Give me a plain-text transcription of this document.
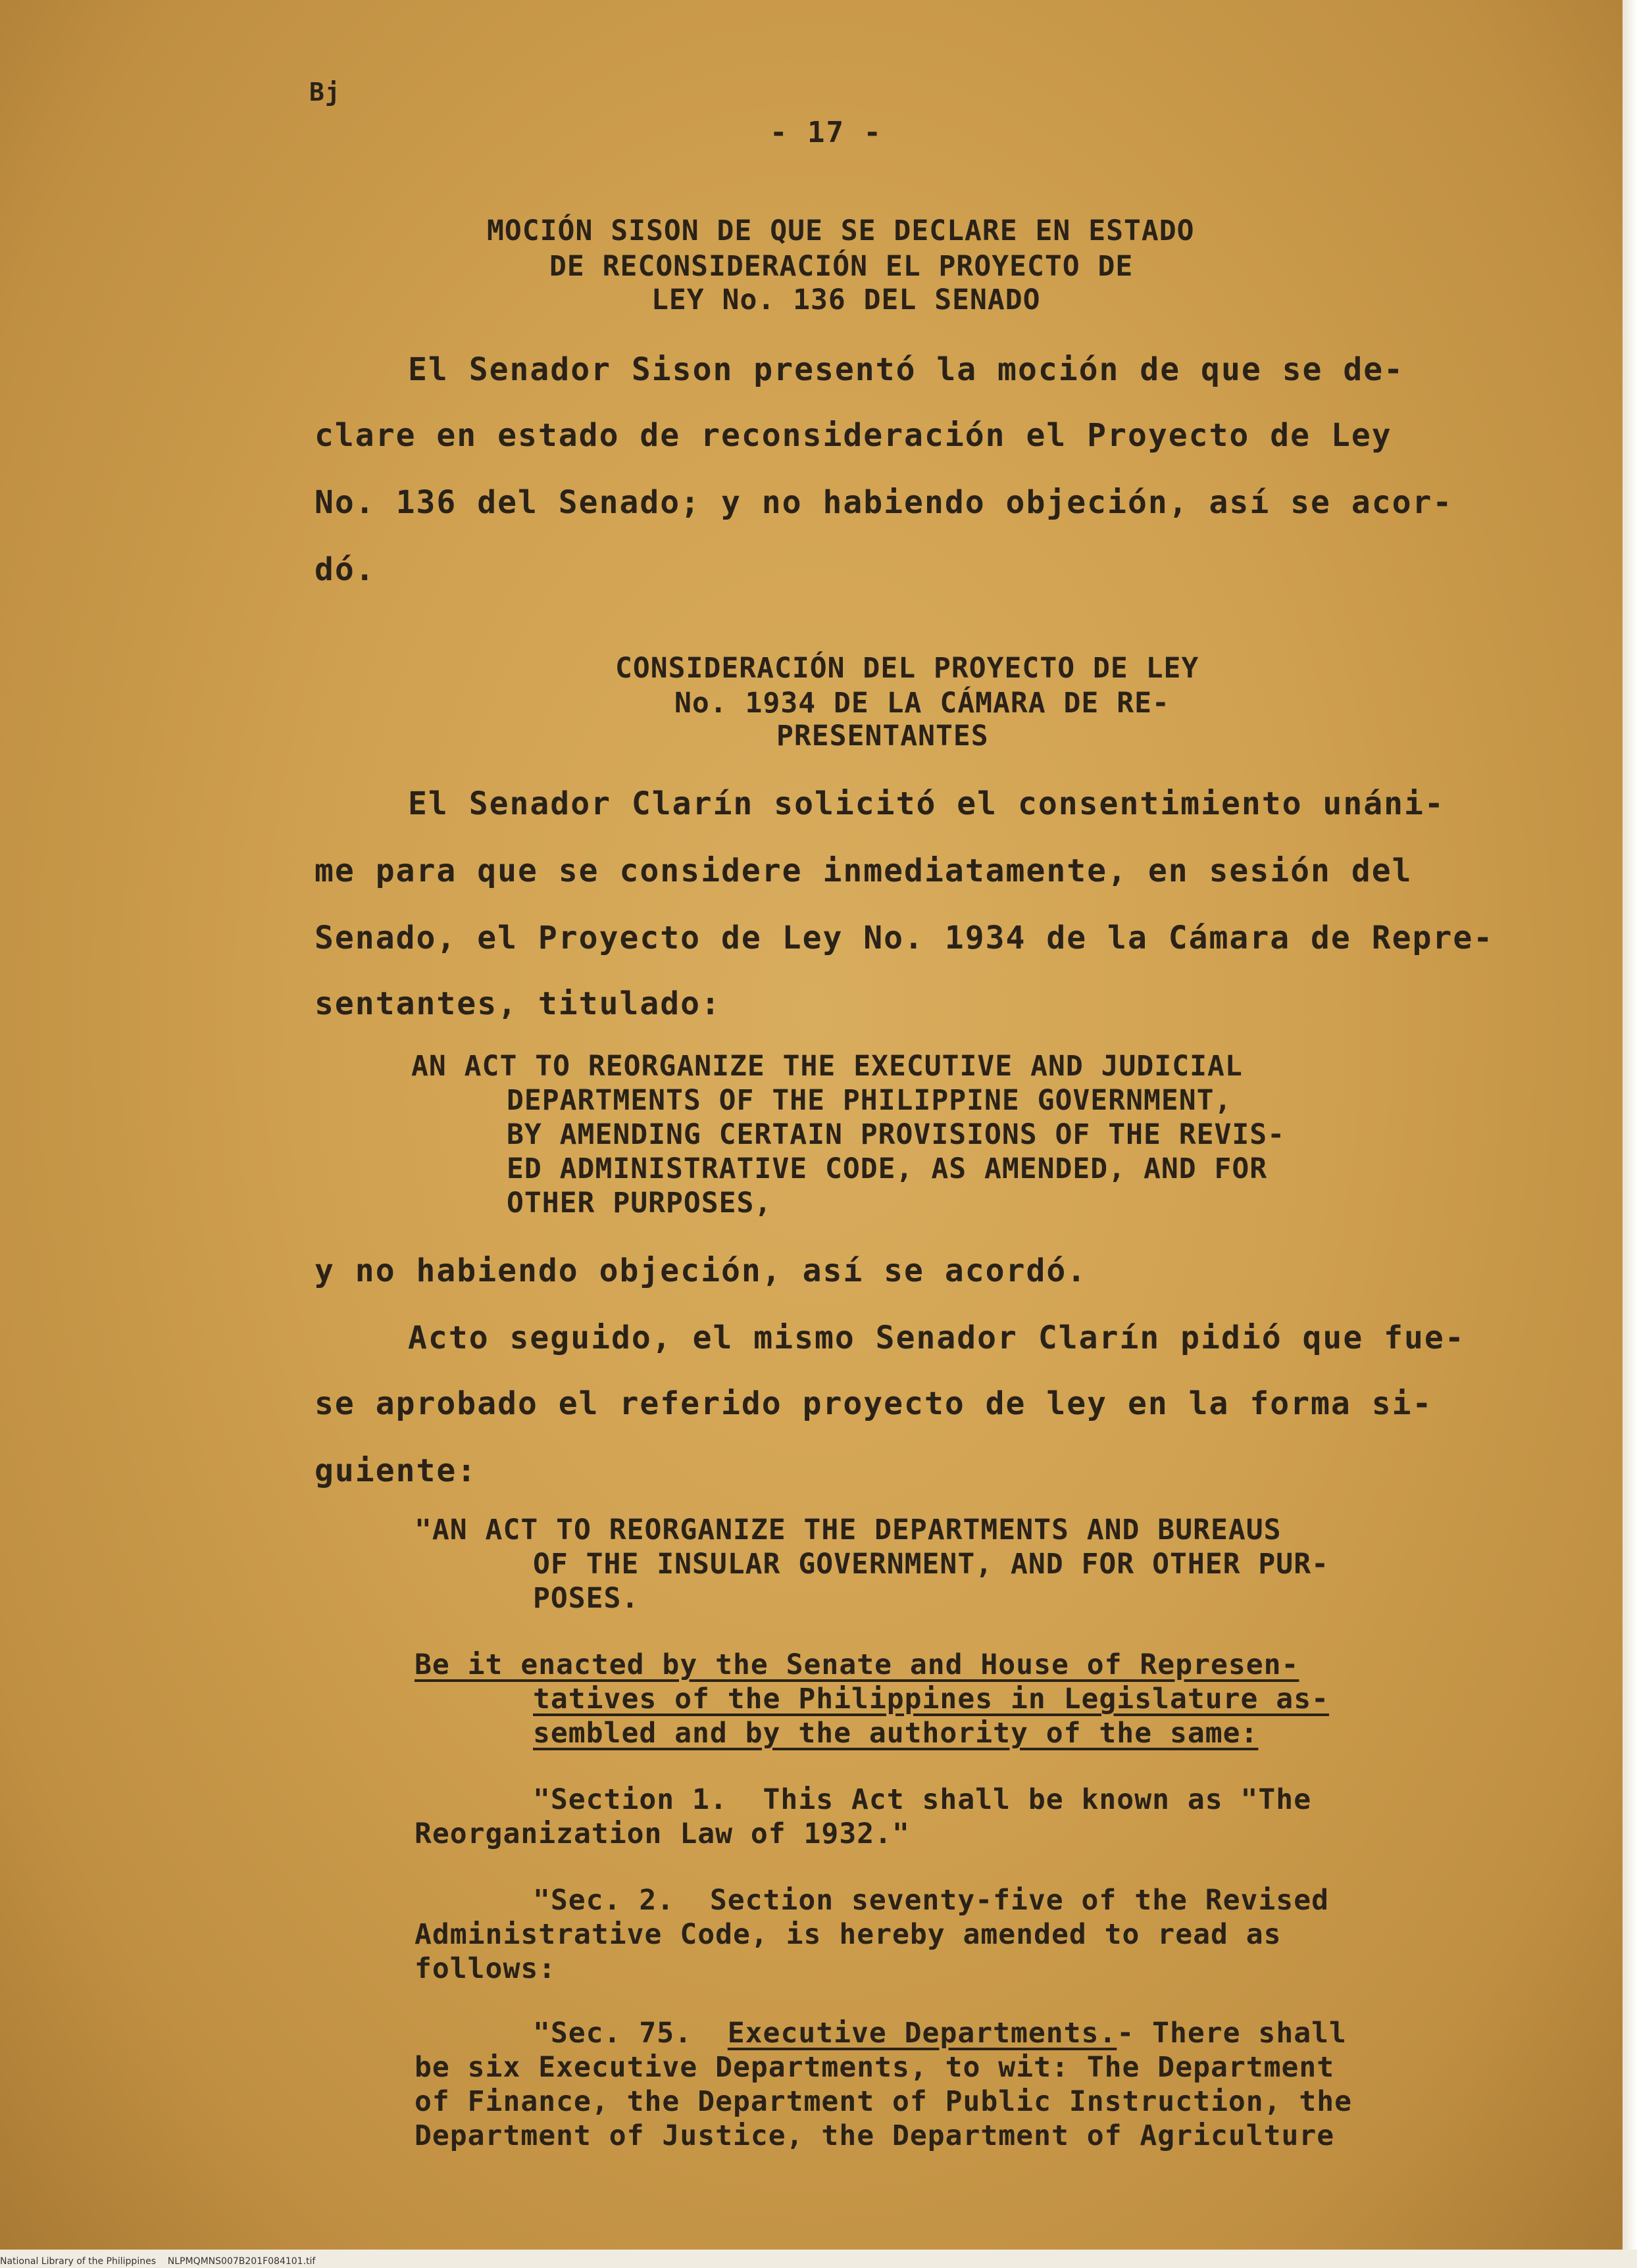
Bj
- 17 -
MOCIÓN SISON DE QUE SE DECLARE EN ESTADO
DE RECONSIDERACIÓN EL PROYECTO DE
LEY No. 136 DEL SENADO
El Senador Sison presentó la moción de que se de-
clare en estado de reconsideración el Proyecto de Ley
No. 136 del Senado; y no habiendo objeción, así se acor-
dó.
CONSIDERACIÓN DEL PROYECTO DE LEY
No. 1934 DE LA CÁMARA DE RE-
PRESENTANTES
El Senador Clarín solicitó el consentimiento unáni-
me para que se considere inmediatamente, en sesión del
Senado, el Proyecto de Ley No. 1934 de la Cámara de Repre-
sentantes, titulado:
AN ACT TO REORGANIZE THE EXECUTIVE AND JUDICIAL
DEPARTMENTS OF THE PHILIPPINE GOVERNMENT,
BY AMENDING CERTAIN PROVISIONS OF THE REVIS-
ED ADMINISTRATIVE CODE, AS AMENDED, AND FOR
OTHER PURPOSES,
y no habiendo objeción, así se acordó.
Acto seguido, el mismo Senador Clarín pidió que fue-
se aprobado el referido proyecto de ley en la forma si-
guiente:
"AN ACT TO REORGANIZE THE DEPARTMENTS AND BUREAUS
OF THE INSULAR GOVERNMENT, AND FOR OTHER PUR-
POSES.
Be it enacted by the Senate and House of Represen-
tatives of the Philippines in Legislature as-
sembled and by the authority of the same:
"Section 1.  This Act shall be known as "The
Reorganization Law of 1932."
"Sec. 2.  Section seventy-five of the Revised
Administrative Code, is hereby amended to read as
follows:
"Sec. 75.  Executive Departments.- There shall
be six Executive Departments, to wit: The Department
of Finance, the Department of Public Instruction, the
Department of Justice, the Department of Agriculture
National Library of the Philippines    NLPMQMNS007B201F084101.tif
